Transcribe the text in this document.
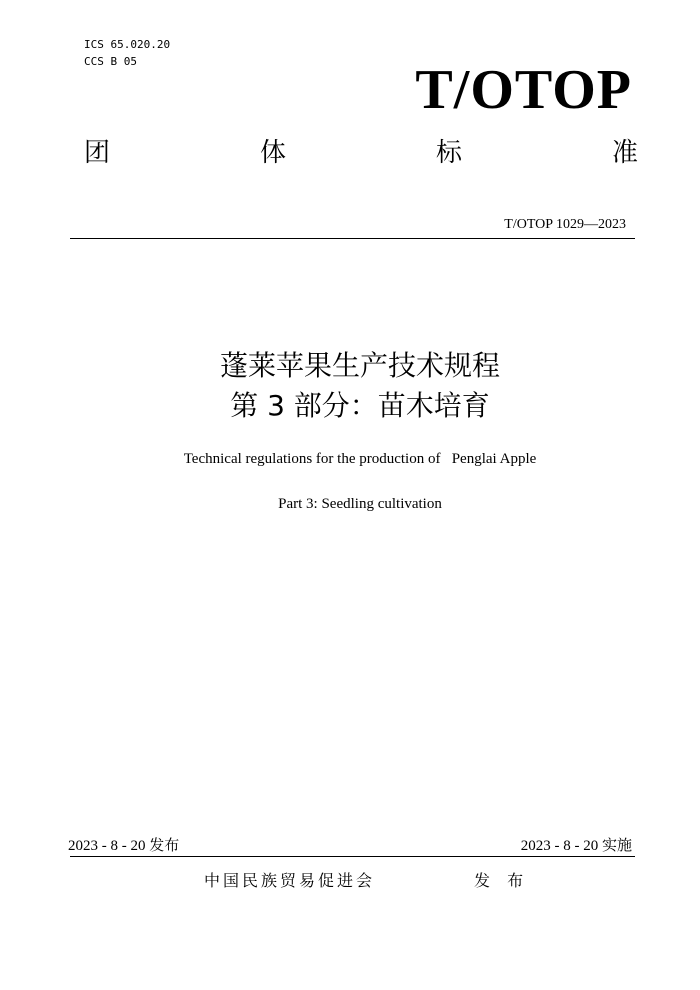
ICS 65.020.20
CCS B 05	T/OTOP
团	体	标	准
T/OTOP 1029—2023
蓬莱苹果生产技术规程
第 3 部分：苗木培育
Technical regulations for the production of   Penglai Apple
Part 3: Seedling cultivation
2023 - 8 - 20 发布	2023 - 8 - 20 实施
中国民族贸易促进会	发 布
